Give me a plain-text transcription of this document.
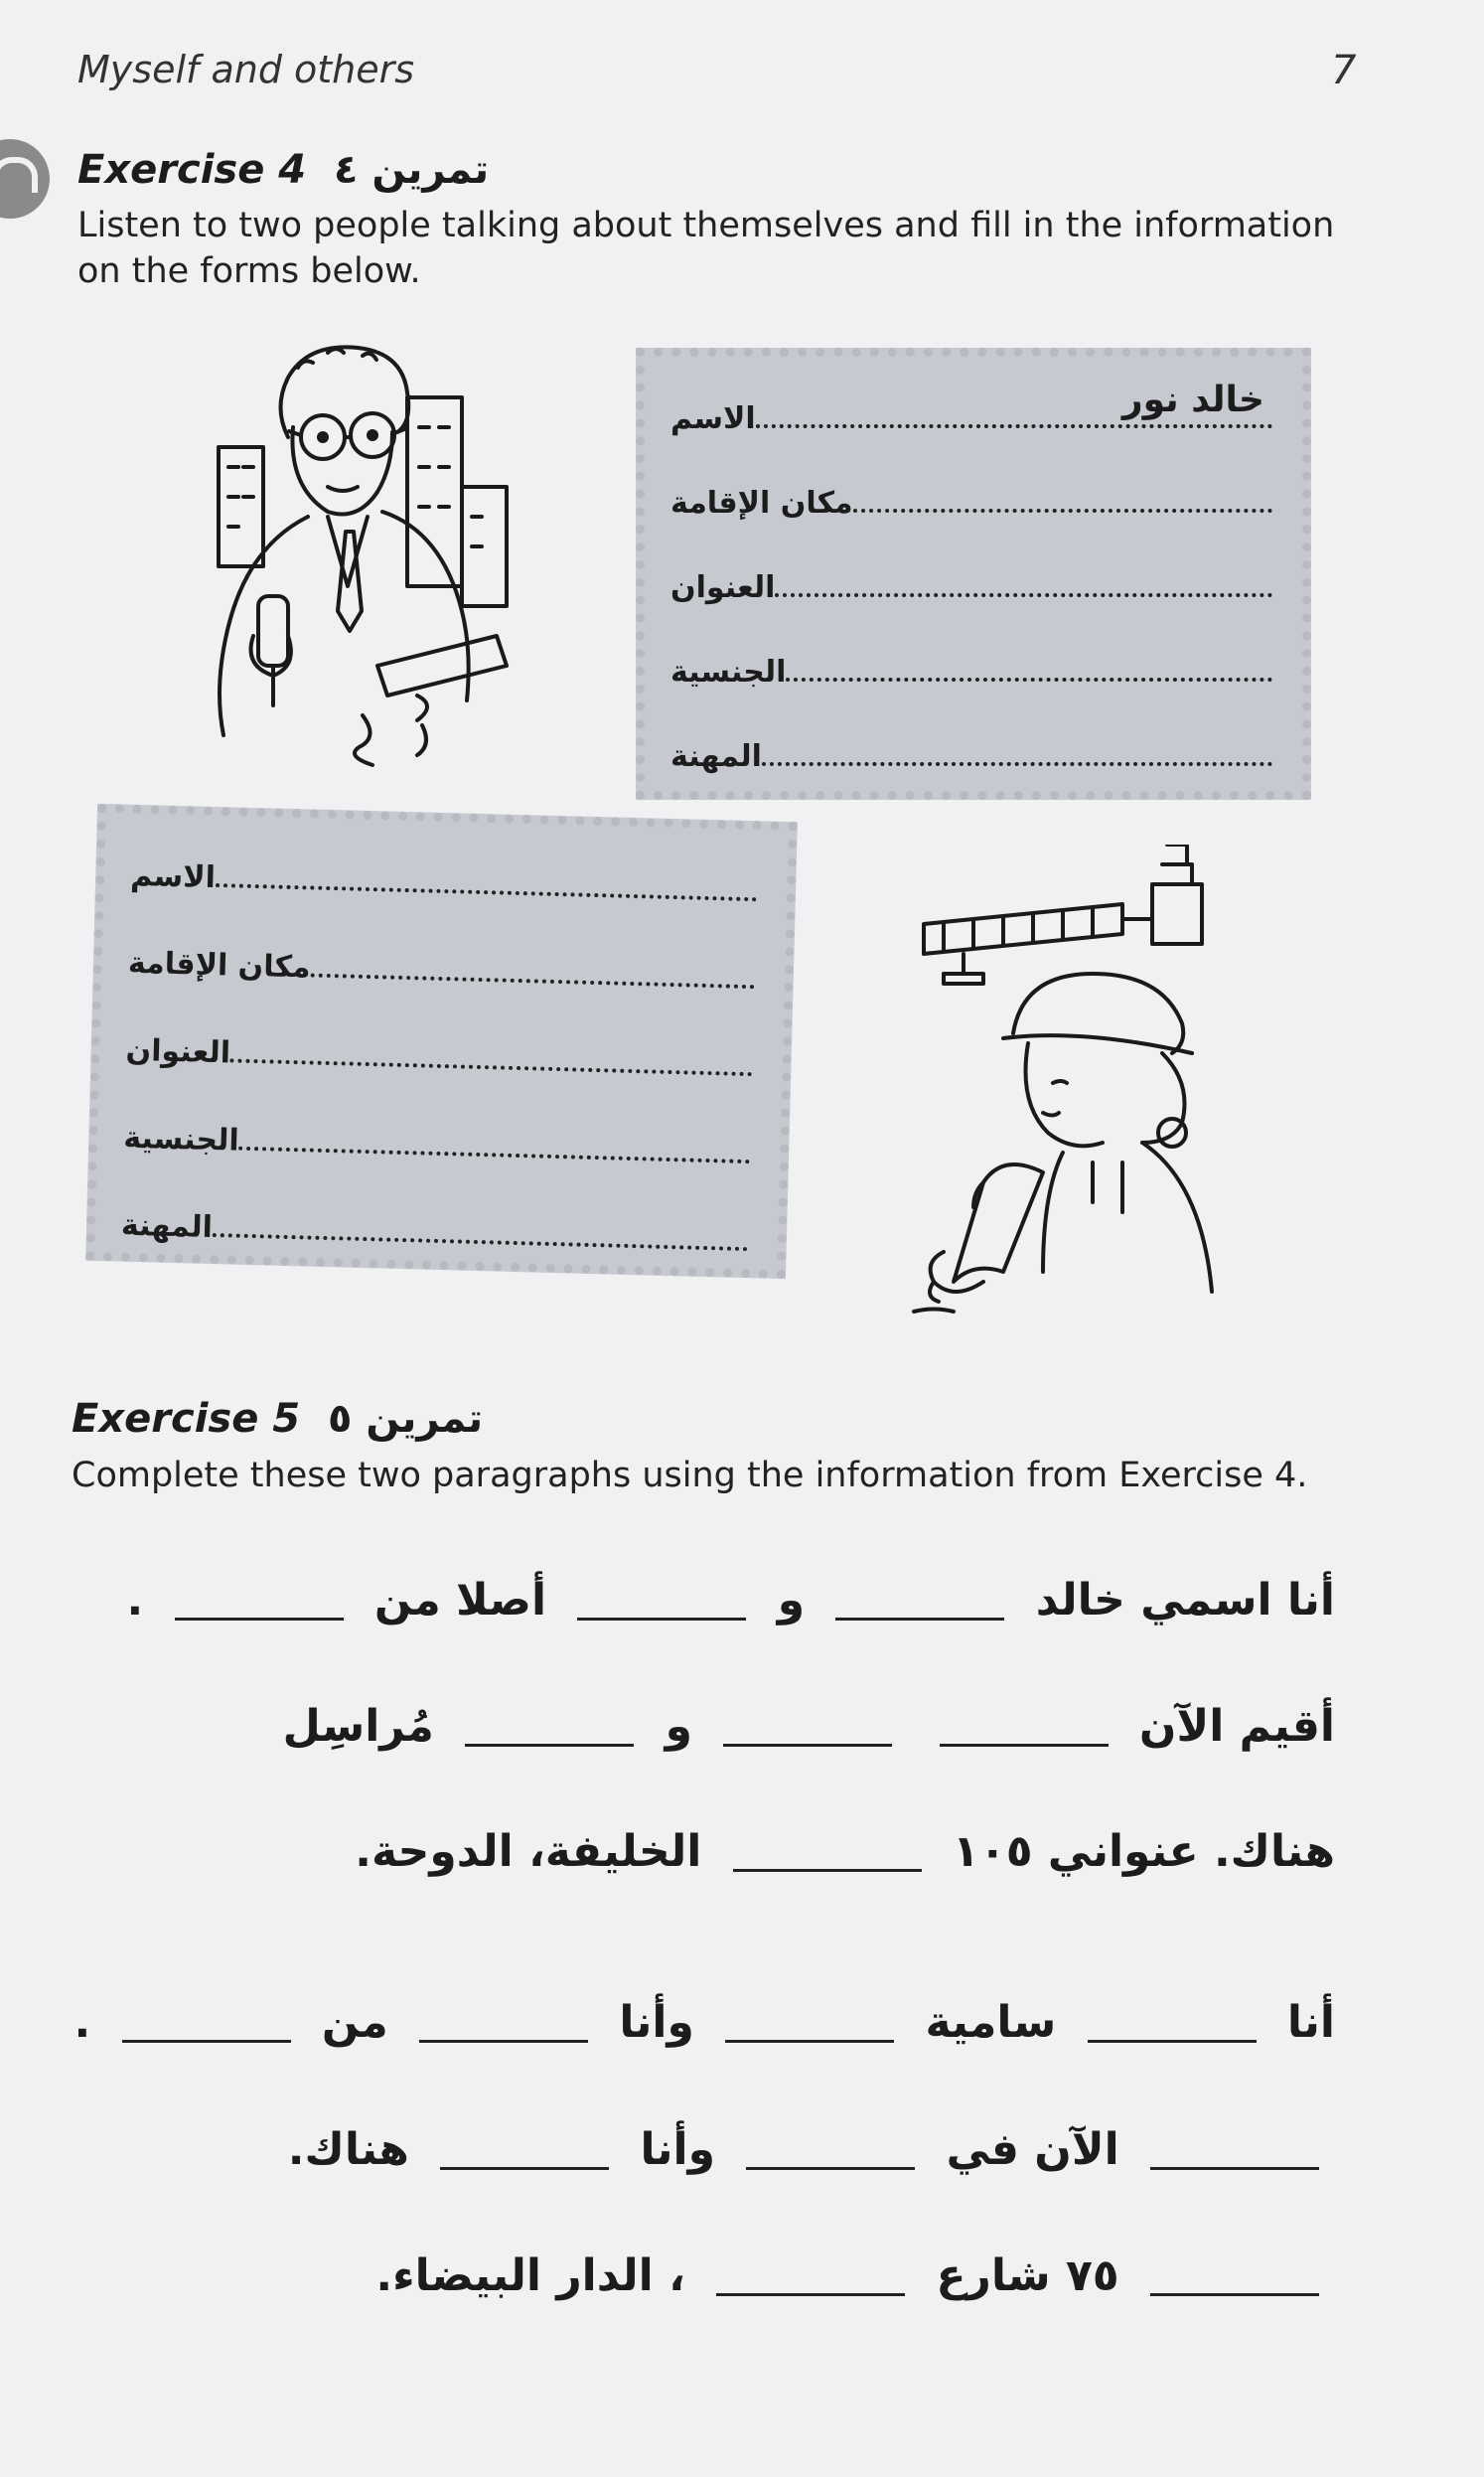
Myself and others	7
Exercise 4 تمرين ٤
Listen to two people talking about themselves and fill in the information on the forms below.
الاسم	خالد نور
مكان الإقامة
العنوان
الجنسية
المهنة
الاسم
مكان الإقامة
العنوان
الجنسية
المهنة
Exercise 5 تمرين ٥
Complete these two paragraphs using the information from Exercise 4.
أنا اسمي خالد  و  أصلا من  .
أقيم الآن   و  مُراسِل
هناك. عنواني ١٠٥  الخليفة، الدوحة.
أنا  سامية  وأنا  من  .
الآن في  وأنا  هناك.
٧٥ شارع  ، الدار البيضاء.
